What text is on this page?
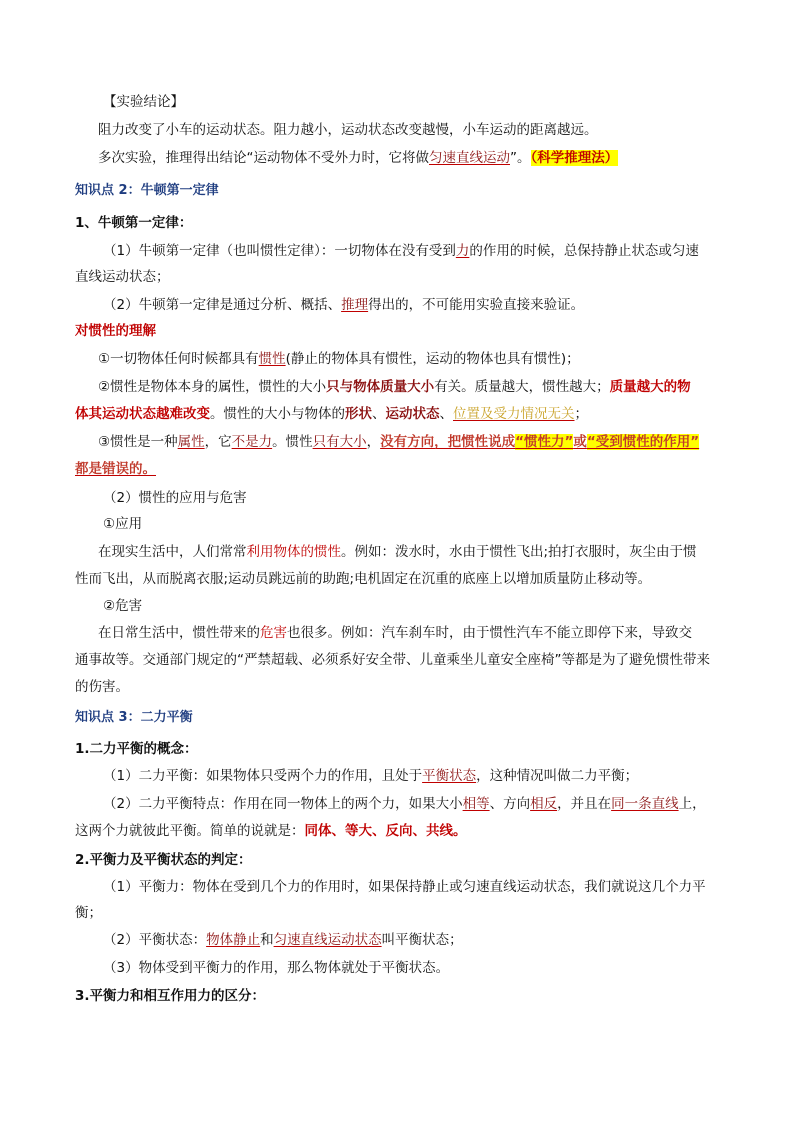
【实验结论】
阻力改变了小车的运动状态。阻力越小，运动状态改变越慢，小车运动的距离越远。
多次实验，推理得出结论“运动物体不受外力时，它将做匀速直线运动”。（科学推理法）
知识点 2：牛顿第一定律
1、牛顿第一定律：
（1）牛顿第一定律（也叫惯性定律）：一切物体在没有受到力的作用的时候，总保持静止状态或匀速
直线运动状态；
（2）牛顿第一定律是通过分析、概括、推理得出的，不可能用实验直接来验证。
对惯性的理解
①一切物体任何时候都具有惯性(静止的物体具有惯性，运动的物体也具有惯性)；
②惯性是物体本身的属性，惯性的大小只与物体质量大小有关。质量越大，惯性越大；质量越大的物
体其运动状态越难改变。惯性的大小与物体的形状、运动状态、位置及受力情况无关；
③惯性是一种属性，它不是力。惯性只有大小，没有方向，把惯性说成“惯性力”或“受到惯性的作用”
都是错误的。
（2）惯性的应用与危害
①应用
在现实生活中，人们常常利用物体的惯性。例如：泼水时，水由于惯性飞出;拍打衣服时，灰尘由于惯
性而飞出，从而脱离衣服;运动员跳远前的助跑;电机固定在沉重的底座上以增加质量防止移动等。
②危害
在日常生活中，惯性带来的危害也很多。例如：汽车刹车时，由于惯性汽车不能立即停下来，导致交
通事故等。交通部门规定的“严禁超载、必须系好安全带、儿童乘坐儿童安全座椅”等都是为了避免惯性带来
的伤害。
知识点 3：二力平衡
1.二力平衡的概念：
（1）二力平衡：如果物体只受两个力的作用，且处于平衡状态，这种情况叫做二力平衡；
（2）二力平衡特点：作用在同一物体上的两个力，如果大小相等、方向相反，并且在同一条直线上，
这两个力就彼此平衡。简单的说就是：同体、等大、反向、共线。
2.平衡力及平衡状态的判定：
（1）平衡力：物体在受到几个力的作用时，如果保持静止或匀速直线运动状态，我们就说这几个力平
衡；
（2）平衡状态：物体静止和匀速直线运动状态叫平衡状态；
（3）物体受到平衡力的作用，那么物体就处于平衡状态。
3.平衡力和相互作用力的区分：
